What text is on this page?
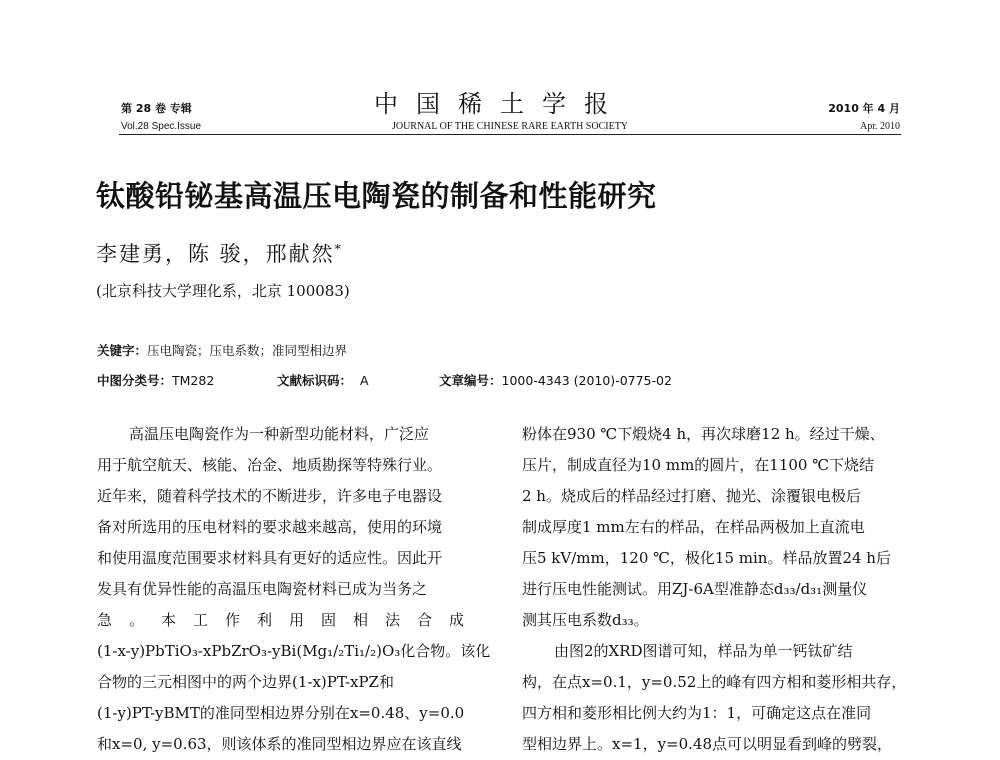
第 28 卷 专辑
Vol.28 Spec.Issue
中国稀土学报
JOURNAL OF THE CHINESE RARE EARTH SOCIETY
2010 年 4 月
Apr. 2010
钛酸铅铋基高温压电陶瓷的制备和性能研究
李建勇，陈 骏，邢献然*
(北京科技大学理化系，北京 100083)
关键字：压电陶瓷；压电系数；准同型相边界
中图分类号：TM282	文献标识码： A	文章编号：1000-4343 (2010)-0775-02
高温压电陶瓷作为一种新型功能材料，广泛应
用于航空航天、核能、冶金、地质勘探等特殊行业。
近年来，随着科学技术的不断进步，许多电子电器设
备对所选用的压电材料的要求越来越高，使用的环境
和使用温度范围要求材料具有更好的适应性。因此开
发具有优异性能的高温压电陶瓷材料已成为当务之
急。本工作利用固相法合成
(1-x-y)PbTiO₃-xPbZrO₃-yBi(Mg₁/₂Ti₁/₂)O₃化合物。该化
合物的三元相图中的两个边界(1-x)PT-xPZ和
(1-y)PT-yBMT的准同型相边界分别在x=0.48、y=0.0
和x=0, y=0.63，则该体系的准同型相边界应在该直线
粉体在930 ℃下煅烧4 h，再次球磨12 h。经过干燥、
压片，制成直径为10 mm的圆片，在1100 ℃下烧结
2 h。烧成后的样品经过打磨、抛光、涂覆银电极后
制成厚度1 mm左右的样品，在样品两极加上直流电
压5 kV/mm，120 ℃，极化15 min。样品放置24 h后
进行压电性能测试。用ZJ-6A型准静态d₃₃/d₃₁测量仪
测其压电系数d₃₃。
由图2的XRD图谱可知，样品为单一钙钛矿结
构，在点x=0.1，y=0.52上的峰有四方相和菱形相共存，
四方相和菱形相比例大约为1：1，可确定这点在准同
型相边界上。x=1，y=0.48点可以明显看到峰的劈裂，
